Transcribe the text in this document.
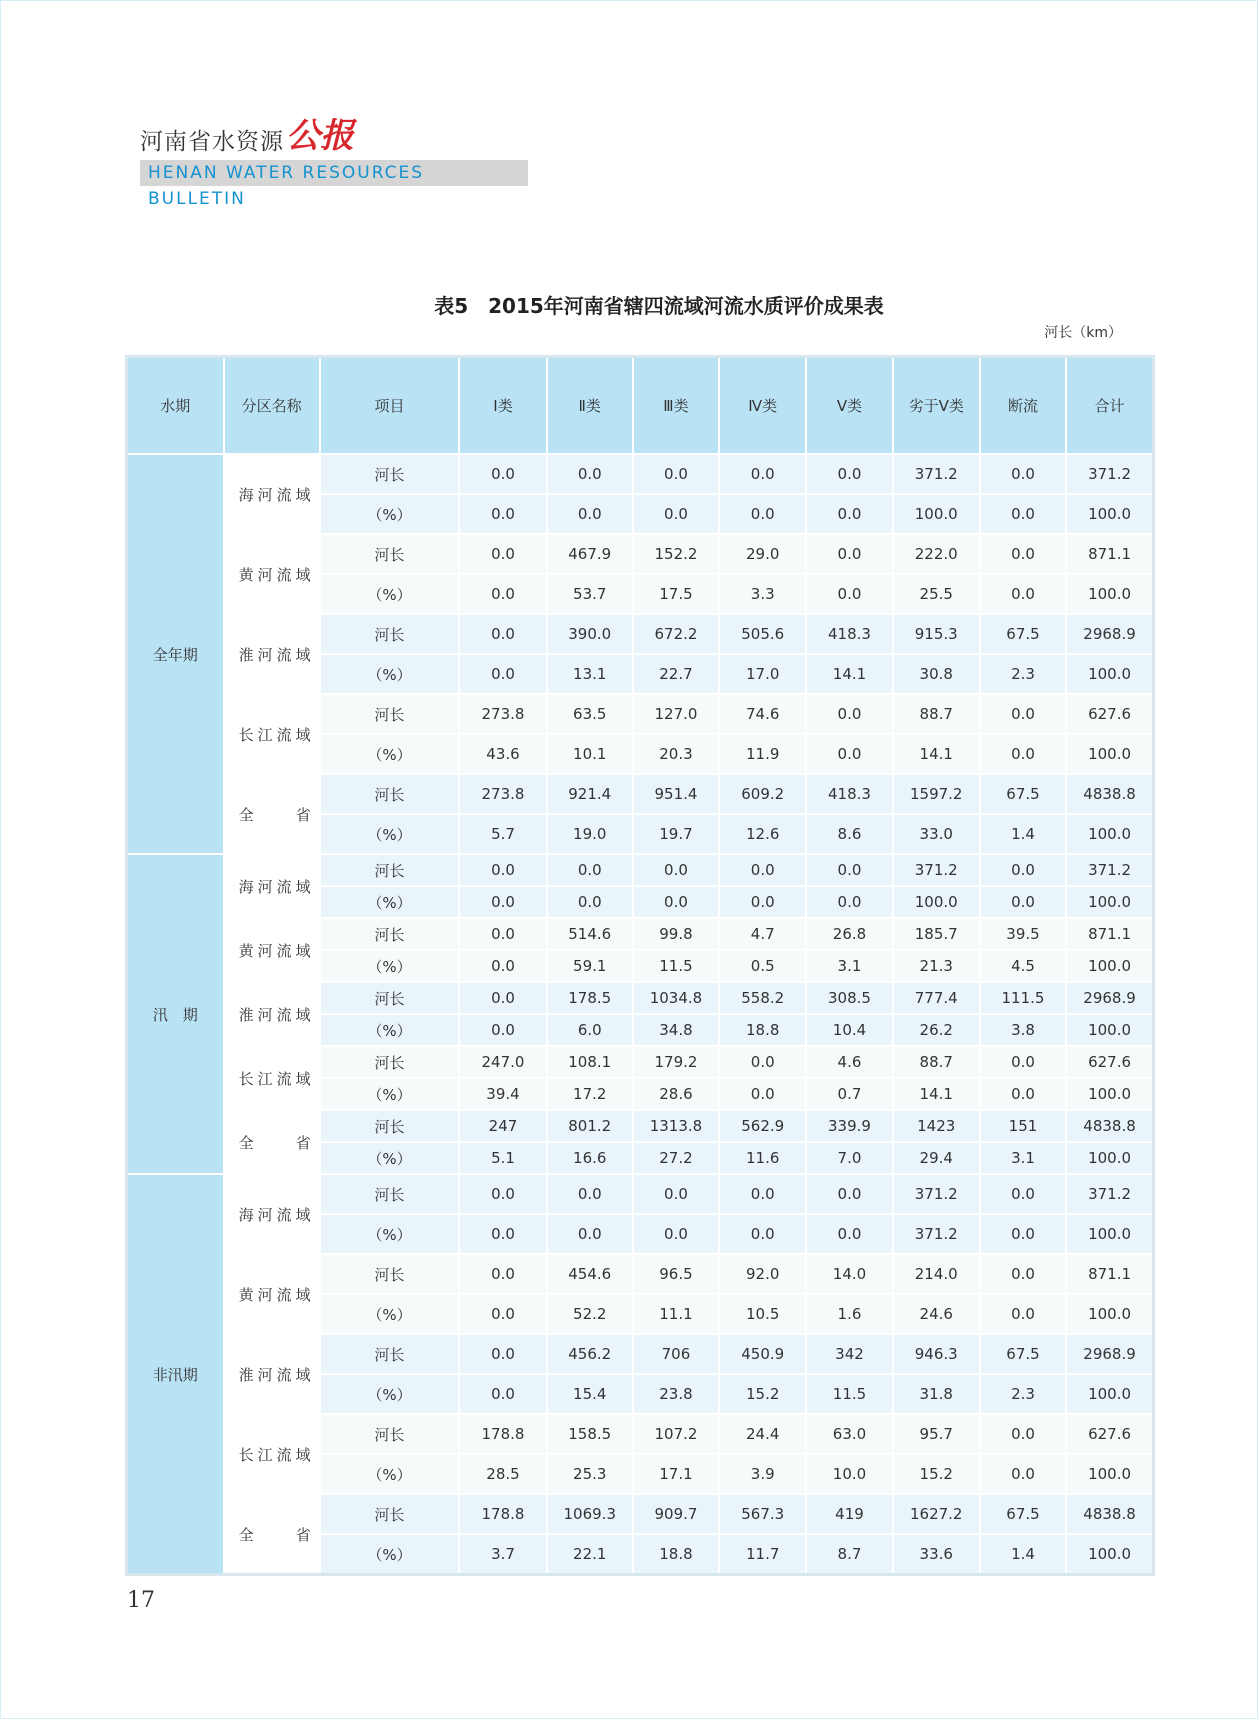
河南省水资源 公报
HENAN WATER RESOURCES BULLETIN
表5　2015年河南省辖四流域河流水质评价成果表
河长（km）
水期	分区名称	项目	Ⅰ类	Ⅱ类	Ⅲ类	Ⅳ类	Ⅴ类	劣于Ⅴ类	断流	合计
全年期	海河流域	河长	0.0	0.0	0.0	0.0	0.0	371.2	0.0	371.2
		（%）	0.0	0.0	0.0	0.0	0.0	100.0	0.0	100.0
	黄河流域	河长	0.0	467.9	152.2	29.0	0.0	222.0	0.0	871.1
		（%）	0.0	53.7	17.5	3.3	0.0	25.5	0.0	100.0
	淮河流域	河长	0.0	390.0	672.2	505.6	418.3	915.3	67.5	2968.9
		（%）	0.0	13.1	22.7	17.0	14.1	30.8	2.3	100.0
	长江流域	河长	273.8	63.5	127.0	74.6	0.0	88.7	0.0	627.6
		（%）	43.6	10.1	20.3	11.9	0.0	14.1	0.0	100.0
	全　　省	河长	273.8	921.4	951.4	609.2	418.3	1597.2	67.5	4838.8
		（%）	5.7	19.0	19.7	12.6	8.6	33.0	1.4	100.0
汛　期	海河流域	河长	0.0	0.0	0.0	0.0	0.0	371.2	0.0	371.2
		（%）	0.0	0.0	0.0	0.0	0.0	100.0	0.0	100.0
	黄河流域	河长	0.0	514.6	99.8	4.7	26.8	185.7	39.5	871.1
		（%）	0.0	59.1	11.5	0.5	3.1	21.3	4.5	100.0
	淮河流域	河长	0.0	178.5	1034.8	558.2	308.5	777.4	111.5	2968.9
		（%）	0.0	6.0	34.8	18.8	10.4	26.2	3.8	100.0
	长江流域	河长	247.0	108.1	179.2	0.0	4.6	88.7	0.0	627.6
		（%）	39.4	17.2	28.6	0.0	0.7	14.1	0.0	100.0
	全　　省	河长	247	801.2	1313.8	562.9	339.9	1423	151	4838.8
		（%）	5.1	16.6	27.2	11.6	7.0	29.4	3.1	100.0
非汛期	海河流域	河长	0.0	0.0	0.0	0.0	0.0	371.2	0.0	371.2
		（%）	0.0	0.0	0.0	0.0	0.0	371.2	0.0	100.0
	黄河流域	河长	0.0	454.6	96.5	92.0	14.0	214.0	0.0	871.1
		（%）	0.0	52.2	11.1	10.5	1.6	24.6	0.0	100.0
	淮河流域	河长	0.0	456.2	706	450.9	342	946.3	67.5	2968.9
		（%）	0.0	15.4	23.8	15.2	11.5	31.8	2.3	100.0
	长江流域	河长	178.8	158.5	107.2	24.4	63.0	95.7	0.0	627.6
		（%）	28.5	25.3	17.1	3.9	10.0	15.2	0.0	100.0
	全　　省	河长	178.8	1069.3	909.7	567.3	419	1627.2	67.5	4838.8
		（%）	3.7	22.1	18.8	11.7	8.7	33.6	1.4	100.0
17
